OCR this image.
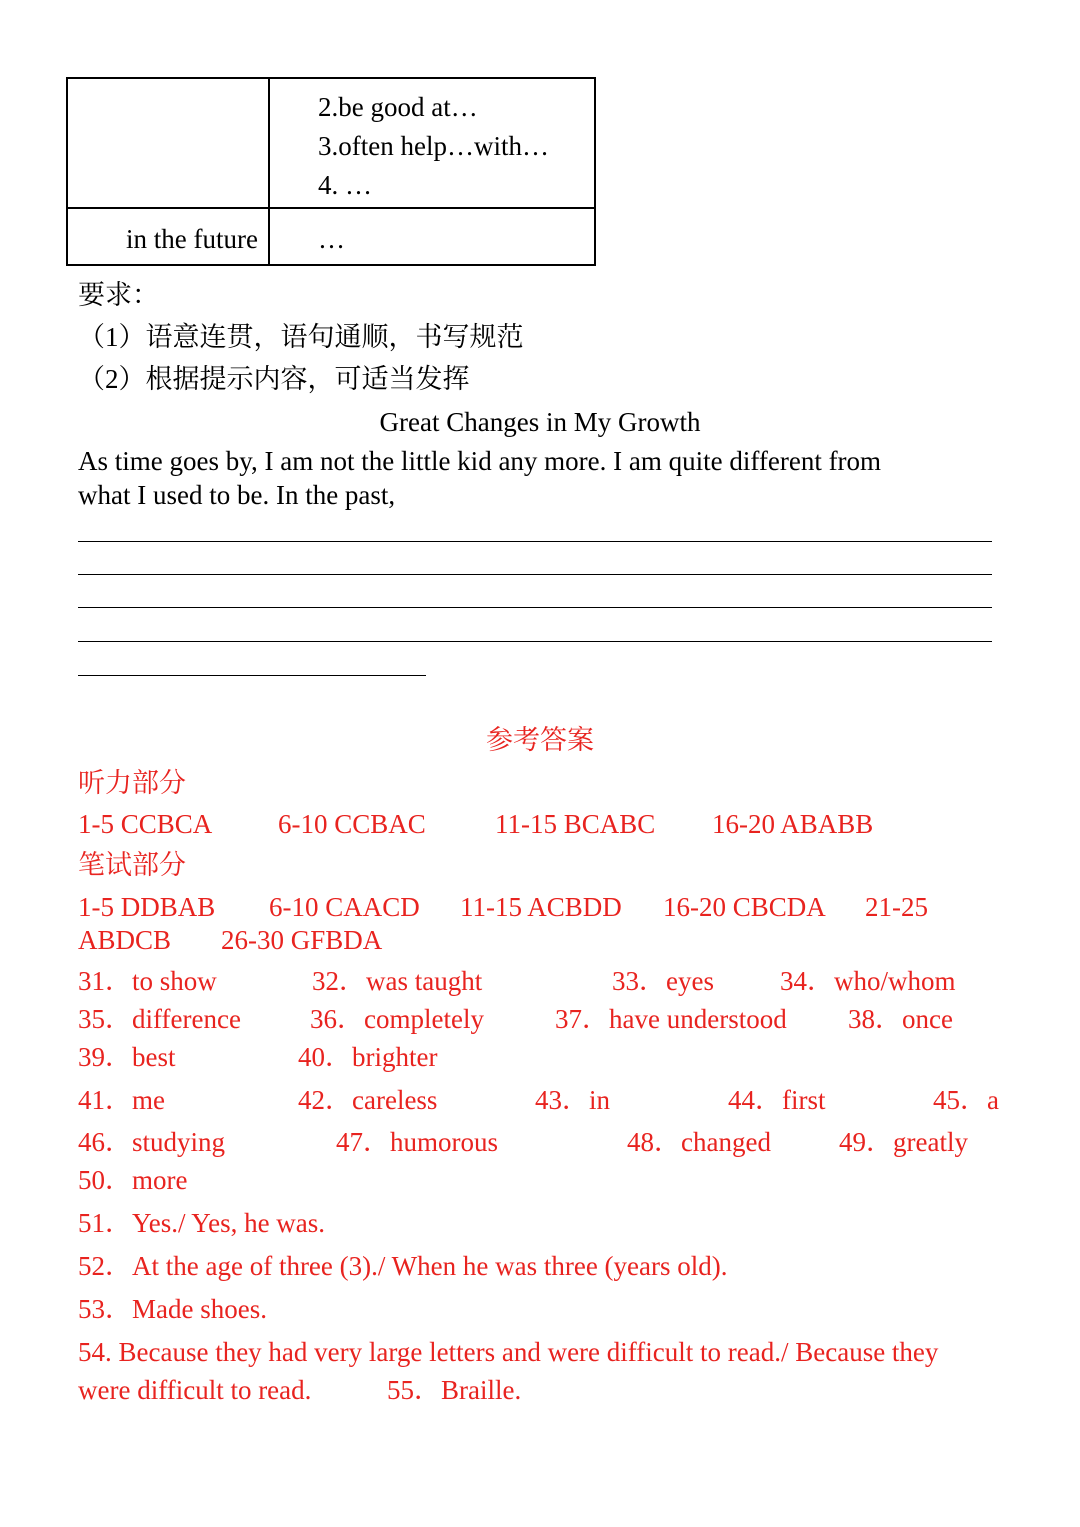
	2.be good at…
3.often help…with…
4. …

in the future	…
要求：
（1）语意连贯，语句通顺，书写规范
（2）根据提示内容，可适当发挥
Great Changes in My Growth
As time goes by, I am not the little kid any more. I am quite different from
what I used to be. In the past,
参考答案
听力部分
1-5 CCBCA 6-10 CCBAC	11-15 BCABC 16-20 ABABB
笔试部分
1-5 DDBAB 6-10 CAACD 11-15 ACBDD 16-20 CBCDA 21-25
ABDCB 26-30 GFBDA
31．to show	32．was taught	33．eyes 34．who/whom
35．difference	36．completely	37．have understood 38．once
39．best	40．brighter
41．me	42．careless	43．in	44．first	45．a
46．studying	47．humorous	48．changed	49．greatly
50．more
51．Yes./ Yes, he was.
52．At the age of three (3)./ When he was three (years old).
53．Made shoes.
54. Because they had very large letters and were difficult to read./ Because they
were difficult to read.	55．Braille.
